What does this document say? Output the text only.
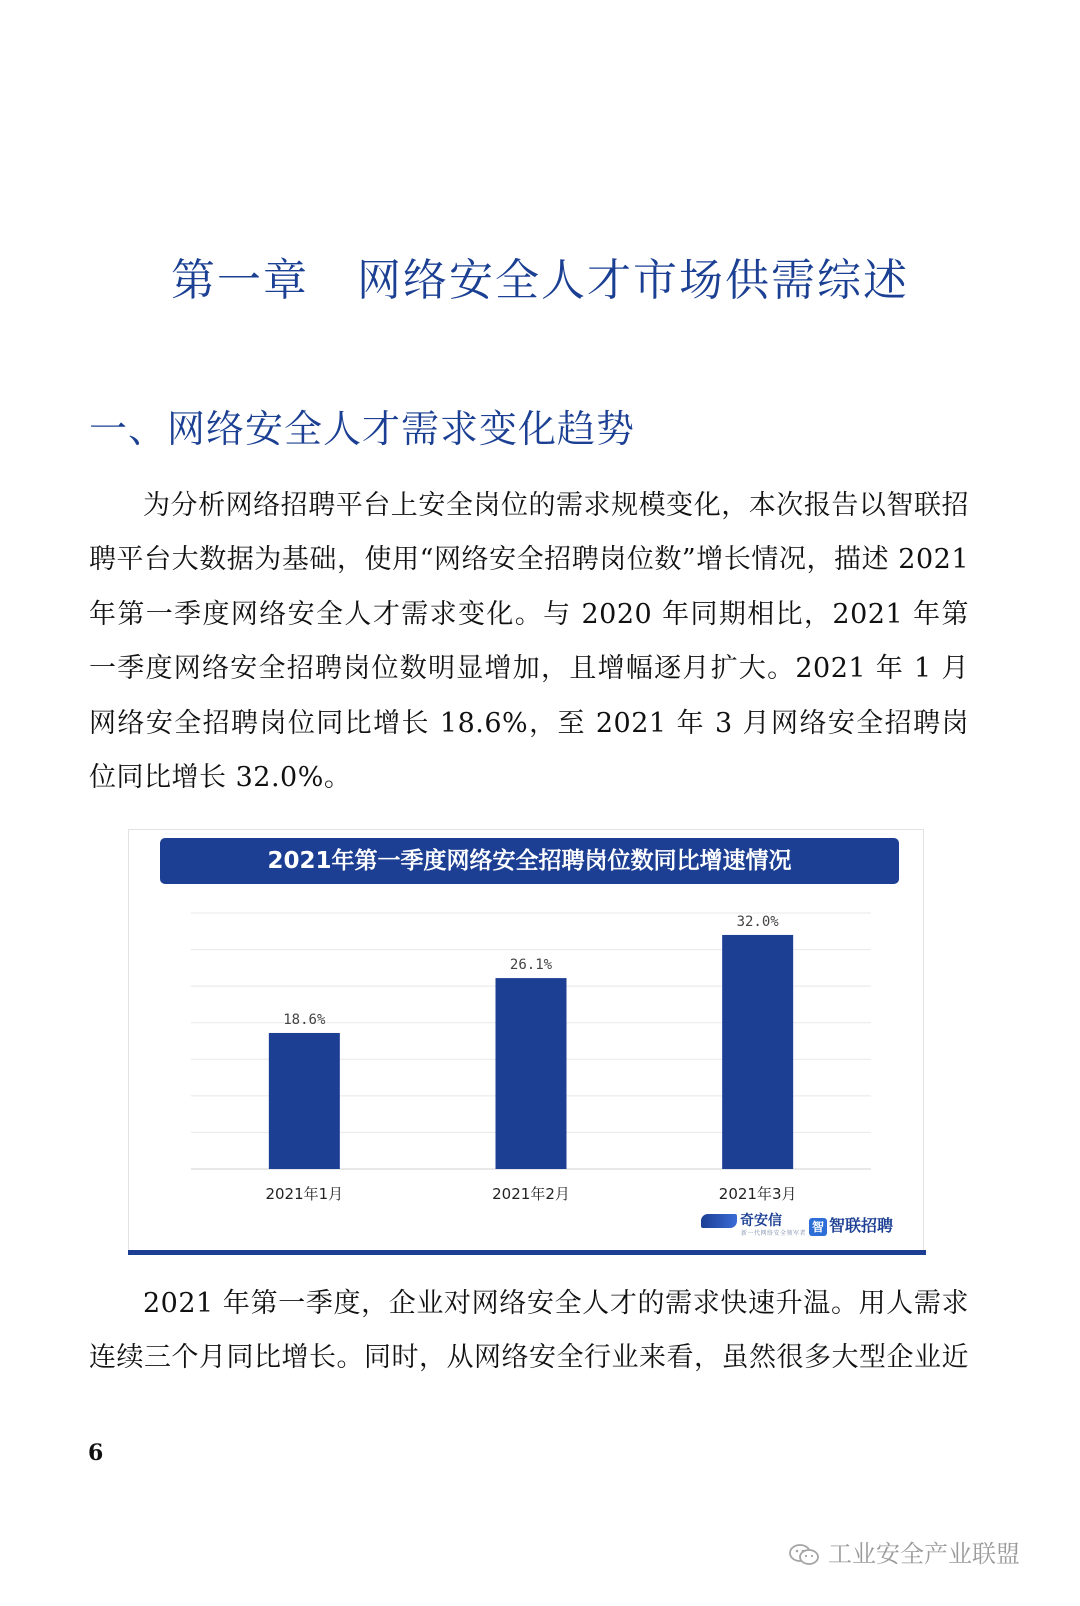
第一章   网络安全人才市场供需综述
一、网络安全人才需求变化趋势

为分析网络招聘平台上安全岗位的需求规模变化，本次报告以智联招聘平台大数据为基础，使用“网络安全招聘岗位数”增长情况，描述 2021 年第一季度网络安全人才需求变化。与 2020 年同期相比，2021 年第一季度网络安全招聘岗位数明显增加，且增幅逐月扩大。2021 年 1 月网络安全招聘岗位同比增长 18.6%，至 2021 年 3 月网络安全招聘岗位同比增长 32.0%。

2021年第一季度网络安全招聘岗位数同比增速情况
18.6%
2021年1月
26.1%
2021年2月
32.0%
2021年3月
奇安信
新一代网络安全领军者 智 智联招聘

2021 年第一季度，企业对网络安全人才的需求快速升温。用人需求连续三个月同比增长。同时，从网络安全行业来看，虽然很多大型企业近

6
工业安全产业联盟
